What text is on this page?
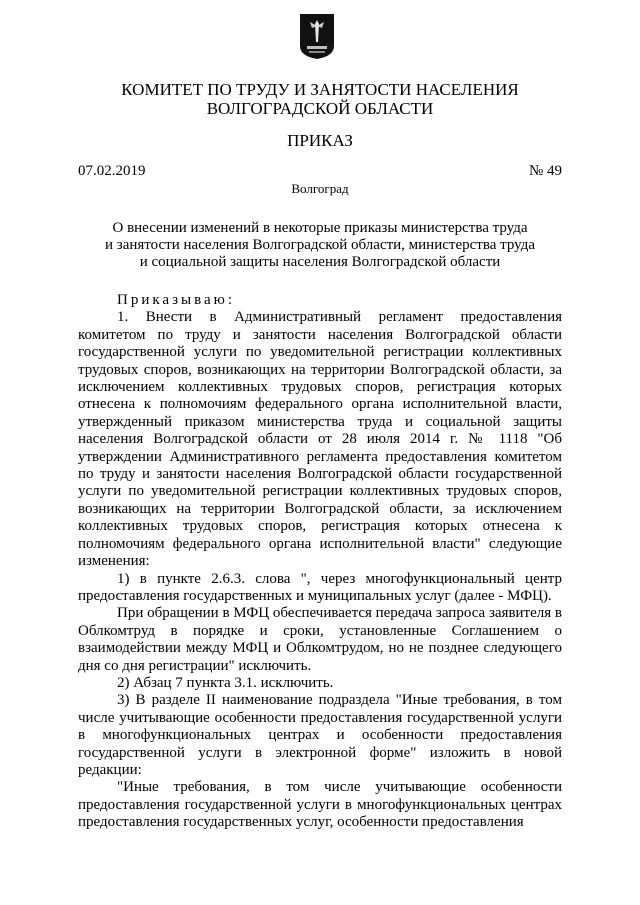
КОМИТЕТ ПО ТРУДУ И ЗАНЯТОСТИ НАСЕЛЕНИЯ
ВОЛГОГРАДСКОЙ ОБЛАСТИ
ПРИКАЗ
07.02.2019	№ 49
Волгоград
О внесении изменений в некоторые приказы министерства труда
и занятости населения Волгоградской области, министерства труда
и социальной защиты населения Волгоградской области

Приказываю:

1. Внести в Административный регламент предоставления комитетом по труду и занятости населения Волгоградской области государственной услуги по уведомительной регистрации коллективных трудовых споров, возникающих на территории Волгоградской области, за исключением коллективных трудовых споров, регистрация которых отнесена к полномочиям федерального органа исполнительной власти, утвержденный приказом министерства труда и социальной защиты населения Волгоградской области от 28 июля 2014 г. № 1118 "Об утверждении Административного регламента предоставления комитетом по труду и занятости населения Волгоградской области государственной услуги по уведомительной регистрации коллективных трудовых споров, возникающих на территории Волгоградской области, за исключением коллективных трудовых споров, регистрация которых отнесена к полномочиям федерального органа исполнительной власти" следующие изменения:

1) в пункте 2.6.3. слова ", через многофункциональный центр предоставления государственных и муниципальных услуг (далее - МФЦ).

При обращении в МФЦ обеспечивается передача запроса заявителя в Облкомтруд в порядке и сроки, установленные Соглашением о взаимодействии между МФЦ и Облкомтрудом, но не позднее следующего дня со дня регистрации" исключить.

2) Абзац 7 пункта 3.1. исключить.

3) В разделе II наименование подраздела "Иные требования, в том числе учитывающие особенности предоставления государственной услуги в многофункциональных центрах и особенности предоставления государственной услуги в электронной форме" изложить в новой редакции:

"Иные требования, в том числе учитывающие особенности предоставления государственной услуги в многофункциональных центрах предоставления государственных услуг, особенности предоставления
